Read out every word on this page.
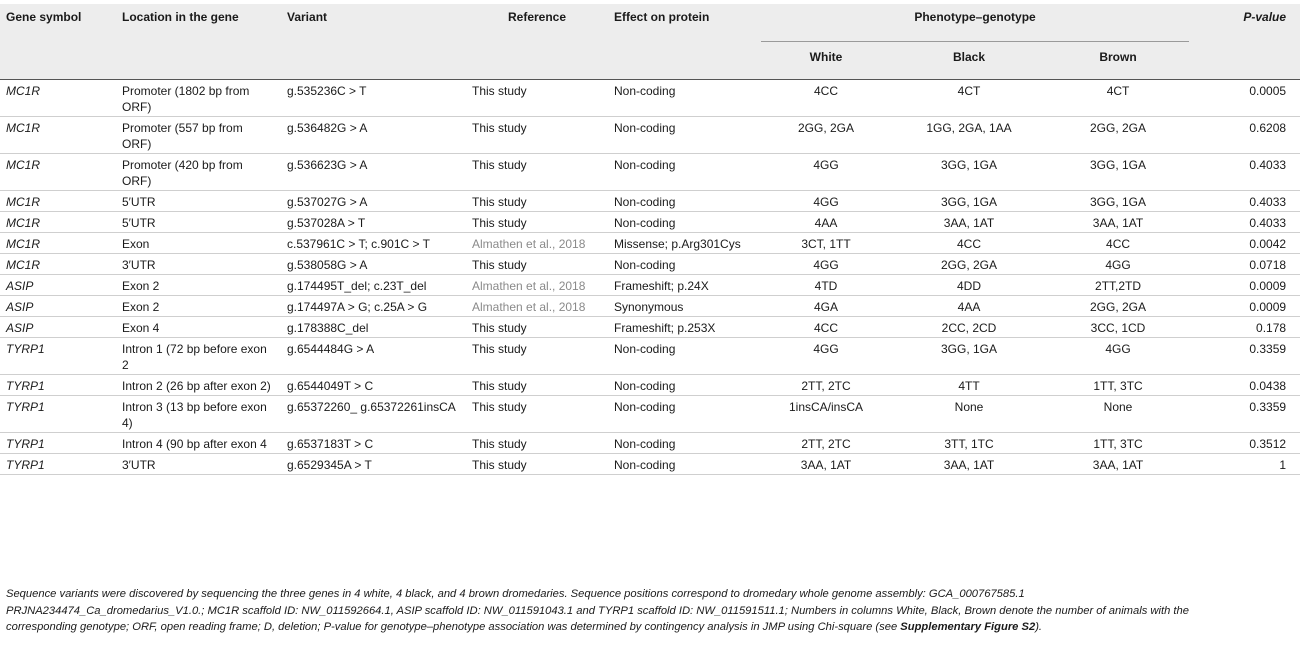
Gene symbol	Location in the gene	Variant	Reference	Effect on protein	Phenotype–genotype			P-value
					White	Black	Brown	
MC1R	Promoter (1802 bp from ORF)	g.535236C > T	This study	Non-coding	4CC	4CT	4CT	0.0005
MC1R	Promoter (557 bp from ORF)	g.536482G > A	This study	Non-coding	2GG, 2GA	1GG, 2GA, 1AA	2GG, 2GA	0.6208
MC1R	Promoter (420 bp from ORF)	g.536623G > A	This study	Non-coding	4GG	3GG, 1GA	3GG, 1GA	0.4033
MC1R	5′UTR	g.537027G > A	This study	Non-coding	4GG	3GG, 1GA	3GG, 1GA	0.4033
MC1R	5′UTR	g.537028A > T	This study	Non-coding	4AA	3AA, 1AT	3AA, 1AT	0.4033
MC1R	Exon	c.537961C > T; c.901C > T	Almathen et al., 2018	Missense; p.Arg301Cys	3CT, 1TT	4CC	4CC	0.0042
MC1R	3′UTR	g.538058G > A	This study	Non-coding	4GG	2GG, 2GA	4GG	0.0718
ASIP	Exon 2	g.174495T_del; c.23T_del	Almathen et al., 2018	Frameshift; p.24X	4TD	4DD	2TT,2TD	0.0009
ASIP	Exon 2	g.174497A > G; c.25A > G	Almathen et al., 2018	Synonymous	4GA	4AA	2GG, 2GA	0.0009
ASIP	Exon 4	g.178388C_del	This study	Frameshift; p.253X	4CC	2CC, 2CD	3CC, 1CD	0.178
TYRP1	Intron 1 (72 bp before exon 2	g.6544484G > A	This study	Non-coding	4GG	3GG, 1GA	4GG	0.3359
TYRP1	Intron 2 (26 bp after exon 2)	g.6544049T > C	This study	Non-coding	2TT, 2TC	4TT	1TT, 3TC	0.0438
TYRP1	Intron 3 (13 bp before exon 4)	g.65372260_ g.65372261insCA	This study	Non-coding	1insCA/insCA	None	None	0.3359
TYRP1	Intron 4 (90 bp after exon 4	g.6537183T > C	This study	Non-coding	2TT, 2TC	3TT, 1TC	1TT, 3TC	0.3512
TYRP1	3′UTR	g.6529345A > T	This study	Non-coding	3AA, 1AT	3AA, 1AT	3AA, 1AT	1
Sequence variants were discovered by sequencing the three genes in 4 white, 4 black, and 4 brown dromedaries. Sequence positions correspond to dromedary whole genome assembly: GCA_000767585.1 PRJNA234474_Ca_dromedarius_V1.0.; MC1R scaffold ID: NW_011592664.1, ASIP scaffold ID: NW_011591043.1 and TYRP1 scaffold ID: NW_011591511.1; Numbers in columns White, Black, Brown denote the number of animals with the corresponding genotype; ORF, open reading frame; D, deletion; P-value for genotype–phenotype association was determined by contingency analysis in JMP using Chi-square (see Supplementary Figure S2).
